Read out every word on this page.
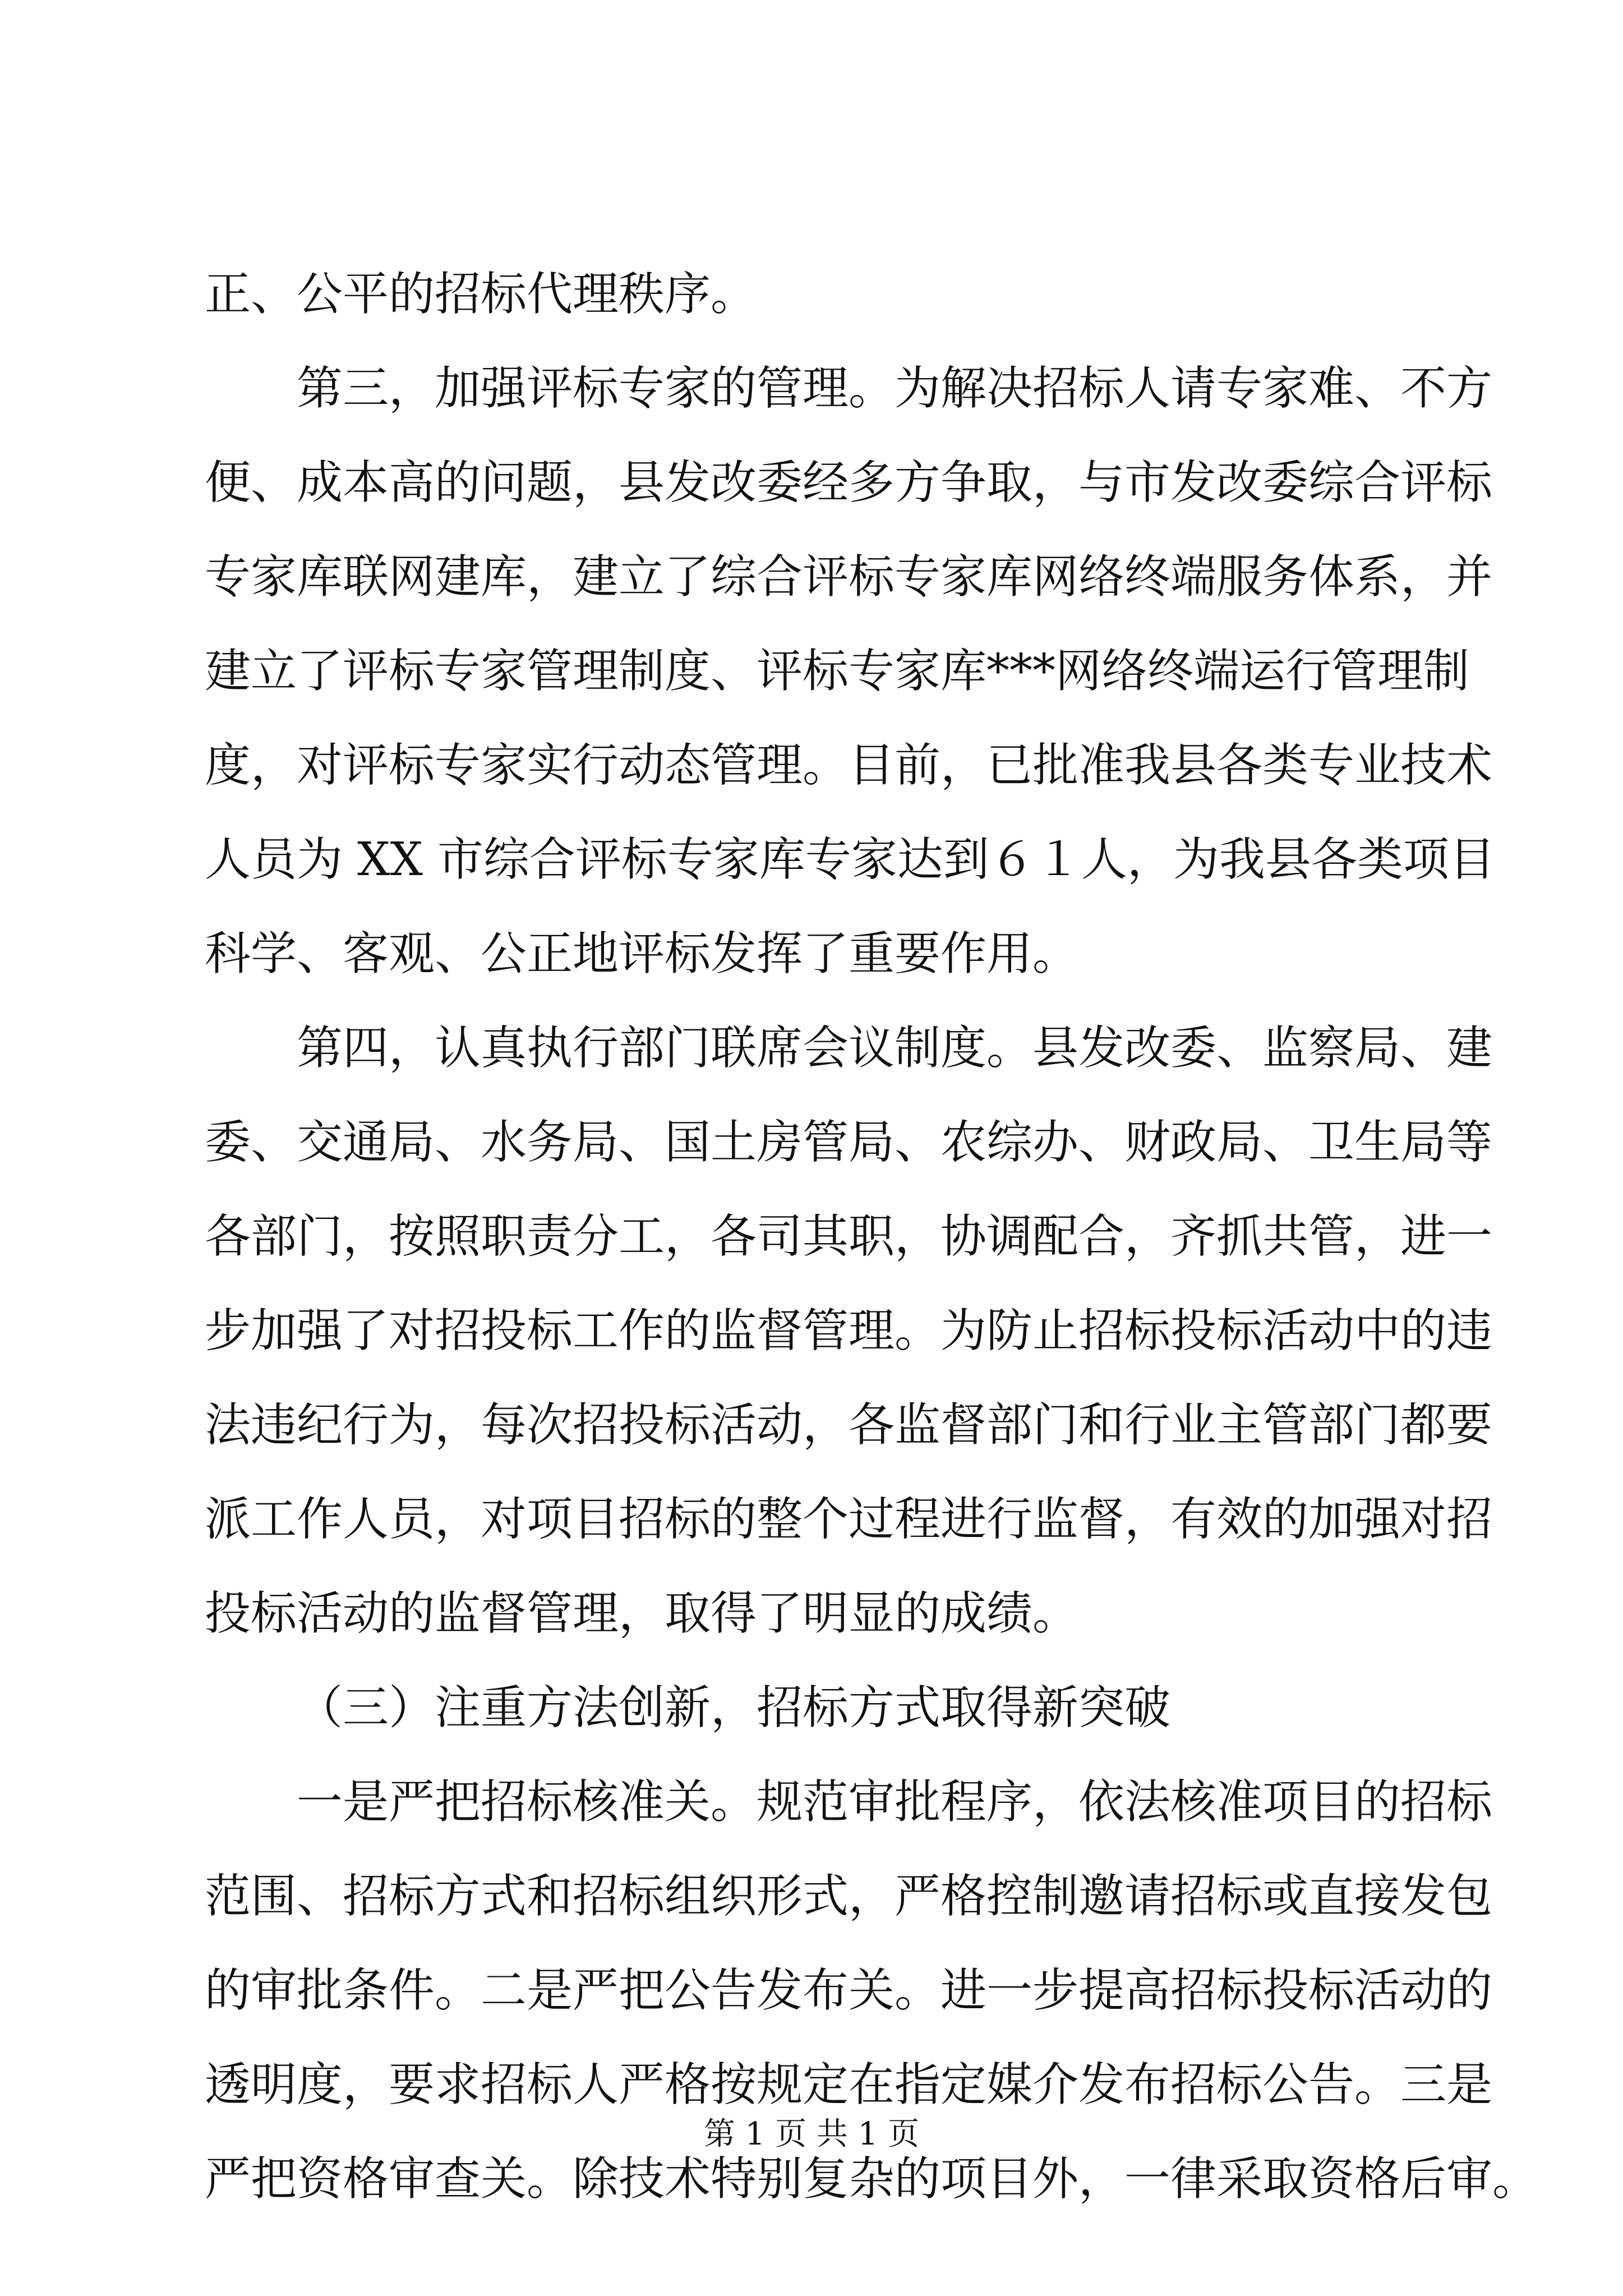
正、公平的招标代理秩序。
第三，加强评标专家的管理。为解决招标人请专家难、不方
便、成本高的问题，县发改委经多方争取，与市发改委综合评标
专家库联网建库，建立了综合评标专家库网络终端服务体系，并
建立了评标专家管理制度、评标专家库***网络终端运行管理制
度，对评标专家实行动态管理。目前，已批准我县各类专业技术
人员为 XX 市综合评标专家库专家达到６１人，为我县各类项目
科学、客观、公正地评标发挥了重要作用。
第四，认真执行部门联席会议制度。县发改委、监察局、建
委、交通局、水务局、国土房管局、农综办、财政局、卫生局等
各部门，按照职责分工，各司其职，协调配合，齐抓共管，进一
步加强了对招投标工作的监督管理。为防止招标投标活动中的违
法违纪行为，每次招投标活动，各监督部门和行业主管部门都要
派工作人员，对项目招标的整个过程进行监督，有效的加强对招
投标活动的监督管理，取得了明显的成绩。
（三）注重方法创新，招标方式取得新突破
一是严把招标核准关。规范审批程序，依法核准项目的招标
范围、招标方式和招标组织形式，严格控制邀请招标或直接发包
的审批条件。二是严把公告发布关。进一步提高招标投标活动的
透明度，要求招标人严格按规定在指定媒介发布招标公告。三是
严把资格审查关。除技术特别复杂的项目外，一律采取资格后审。
第 1 页 共 1 页
